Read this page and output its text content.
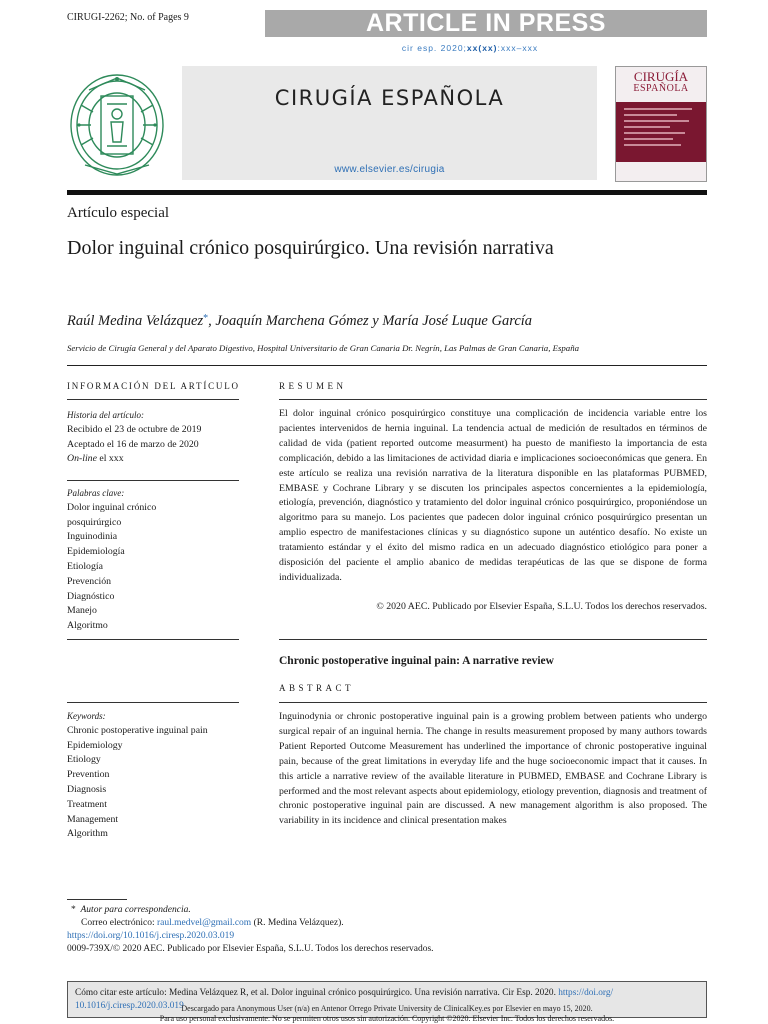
CIRUGI-2262; No. of Pages 9	ARTICLE IN PRESS
cir esp. 2020;xx(xx):xxx–xxx
CIRUGÍA ESPAÑOLA
www.elsevier.es/cirugia
CIRUGÍA
ESPAÑOLA
Artículo especial
Dolor inguinal crónico posquirúrgico. Una revisión narrativa
Raúl Medina Velázquez*, Joaquín Marchena Gómez y María José Luque García
Servicio de Cirugía General y del Aparato Digestivo, Hospital Universitario de Gran Canaria Dr. Negrín, Las Palmas de Gran Canaria, España
INFORMACIÓN DEL ARTÍCULO	RESUMEN
Historia del artículo:
Recibido el 23 de octubre de 2019
Aceptado el 16 de marzo de 2020
On-line el xxx
Palabras clave:
Dolor inguinal crónico
posquirúrgico
Inguinodinia
Epidemiología
Etiología
Prevención
Diagnóstico
Manejo
Algoritmo
El dolor inguinal crónico posquirúrgico constituye una complicación de incidencia variable entre los pacientes intervenidos de hernia inguinal. La tendencia actual de medición de resultados en términos de calidad de vida (patient reported outcome measurment) ha puesto de manifiesto la importancia de esta complicación, debido a las limitaciones de actividad diaria e implicaciones socioeconómicas que genera. En este artículo se realiza una revisión narrativa de la literatura disponible en las plataformas PUBMED, EMBASE y Cochrane Library y se discuten los principales aspectos concernientes a la epidemiología, etiología, prevención, diagnóstico y tratamiento del dolor inguinal crónico posquirúrgico, proponiéndose un algoritmo para su manejo. Los pacientes que padecen dolor inguinal crónico posquirúrgico presentan un amplio espectro de manifestaciones clínicas y su diagnóstico supone un auténtico desafío. No existe un tratamiento estándar y el éxito del mismo radica en un adecuado diagnóstico etiológico para poner a disposición del paciente el amplio abanico de medidas terapéuticas de las que se dispone de forma individualizada.
© 2020 AEC. Publicado por Elsevier España, S.L.U. Todos los derechos reservados.
Chronic postoperative inguinal pain: A narrative review
ABSTRACT
Keywords:
Chronic postoperative inguinal pain
Epidemiology
Etiology
Prevention
Diagnosis
Treatment
Management
Algorithm
Inguinodynia or chronic postoperative inguinal pain is a growing problem between patients who undergo surgical repair of an inguinal hernia. The change in results measurement proposed by many authors towards Patient Reported Outcome Measurement has underlined the importance of chronic postoperative inguinal pain, because of the great limitations in everyday life and the huge socioeconomic impact that it causes. In this article a narrative review of the available literature in PUBMED, EMBASE and Cochrane Library is performed and the most relevant aspects about epidemiology, etiology prevention, diagnosis and treatment of chronic postoperative inguinal pain are discussed. A new management algorithm is also proposed. The variability in its incidence and clinical presentation makes
* Autor para correspondencia.
Correo electrónico: raul.medvel@gmail.com (R. Medina Velázquez).
https://doi.org/10.1016/j.ciresp.2020.03.019
0009-739X/© 2020 AEC. Publicado por Elsevier España, S.L.U. Todos los derechos reservados.
Cómo citar este artículo: Medina Velázquez R, et al. Dolor inguinal crónico posquirúrgico. Una revisión narrativa. Cir Esp. 2020. https://doi.org/
10.1016/j.ciresp.2020.03.019
Descargado para Anonymous User (n/a) en Antenor Orrego Private University de ClinicalKey.es por Elsevier en mayo 15, 2020.
Para uso personal exclusivamente. No se permiten otros usos sin autorización. Copyright ©2020. Elsevier Inc. Todos los derechos reservados.
